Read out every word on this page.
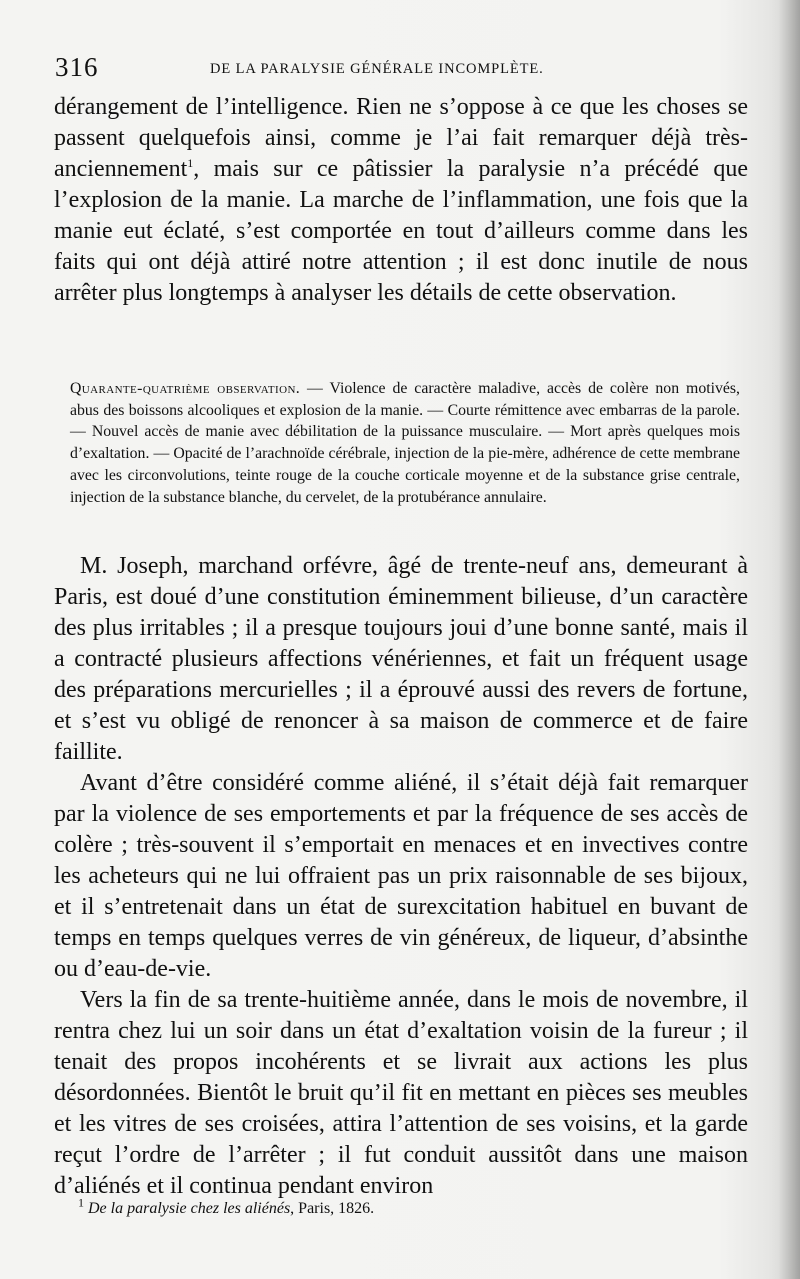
316	DE LA PARALYSIE GÉNÉRALE INCOMPLÈTE.

dérangement de l’intelligence. Rien ne s’oppose à ce que les choses se passent quelquefois ainsi, comme je l’ai fait remarquer déjà très-anciennement$^1$, mais sur ce pâtissier la paralysie n’a précédé que l’explosion de la manie. La marche de l’inflammation, une fois que la manie eut éclaté, s’est comportée en tout d’ailleurs comme dans les faits qui ont déjà attiré notre attention ; il est donc inutile de nous arrêter plus longtemps à analyser les détails de cette observation.

Quarante-quatrième observation. — Violence de caractère maladive, accès de colère non motivés, abus des boissons alcooliques et explosion de la manie. — Courte rémittence avec embarras de la parole. — Nouvel accès de manie avec débilitation de la puissance musculaire. — Mort après quelques mois d’exaltation. — Opacité de l’arachnoïde cérébrale, injection de la pie-mère, adhérence de cette membrane avec les circonvolutions, teinte rouge de la couche corticale moyenne et de la substance grise centrale, injection de la substance blanche, du cervelet, de la protubérance annulaire.

M. Joseph, marchand orfévre, âgé de trente-neuf ans, demeurant à Paris, est doué d’une constitution éminemment bilieuse, d’un caractère des plus irritables ; il a presque toujours joui d’une bonne santé, mais il a contracté plusieurs affections vénériennes, et fait un fréquent usage des préparations mercurielles ; il a éprouvé aussi des revers de fortune, et s’est vu obligé de renoncer à sa maison de commerce et de faire faillite.

Avant d’être considéré comme aliéné, il s’était déjà fait remarquer par la violence de ses emportements et par la fréquence de ses accès de colère ; très-souvent il s’emportait en menaces et en invectives contre les acheteurs qui ne lui offraient pas un prix raisonnable de ses bijoux, et il s’entretenait dans un état de surexcitation habituel en buvant de temps en temps quelques verres de vin généreux, de liqueur, d’absinthe ou d’eau-de-vie.

Vers la fin de sa trente-huitième année, dans le mois de novembre, il rentra chez lui un soir dans un état d’exaltation voisin de la fureur ; il tenait des propos incohérents et se livrait aux actions les plus désordonnées. Bientôt le bruit qu’il fit en mettant en pièces ses meubles et les vitres de ses croisées, attira l’attention de ses voisins, et la garde reçut l’ordre de l’arrêter ; il fut conduit aussitôt dans une maison d’aliénés et il continua pendant environ

$^1$ De la paralysie chez les aliénés, Paris, 1826.
